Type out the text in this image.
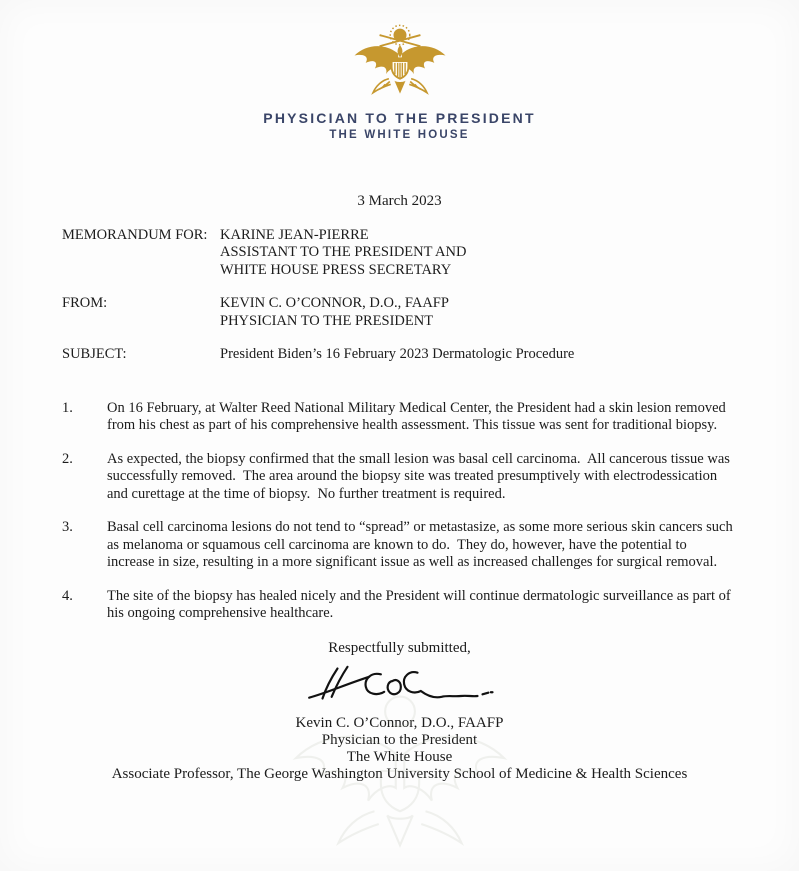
PHYSICIAN TO THE PRESIDENT
THE WHITE HOUSE
3 March 2023
MEMORANDUM FOR: KARINE JEAN-PIERRE
ASSISTANT TO THE PRESIDENT AND
WHITE HOUSE PRESS SECRETARY
FROM:	KEVIN C. O’CONNOR, D.O., FAAFP
PHYSICIAN TO THE PRESIDENT
SUBJECT:	President Biden’s 16 February 2023 Dermatologic Procedure
1.	On 16 February, at Walter Reed National Military Medical Center, the President had a skin lesion removed from his chest as part of his comprehensive health assessment. This tissue was sent for traditional biopsy.
2.	As expected, the biopsy confirmed that the small lesion was basal cell carcinoma.  All cancerous tissue was successfully removed.  The area around the biopsy site was treated presumptively with electrodessication and curettage at the time of biopsy.  No further treatment is required.
3.	Basal cell carcinoma lesions do not tend to “spread” or metastasize, as some more serious skin cancers such as melanoma or squamous cell carcinoma are known to do.  They do, however, have the potential to increase in size, resulting in a more significant issue as well as increased challenges for surgical removal.
4.	The site of the biopsy has healed nicely and the President will continue dermatologic surveillance as part of his ongoing comprehensive healthcare.
Respectfully submitted,
Kevin C. O’Connor, D.O., FAAFP
Physician to the President
The White House
Associate Professor, The George Washington University School of Medicine & Health Sciences
